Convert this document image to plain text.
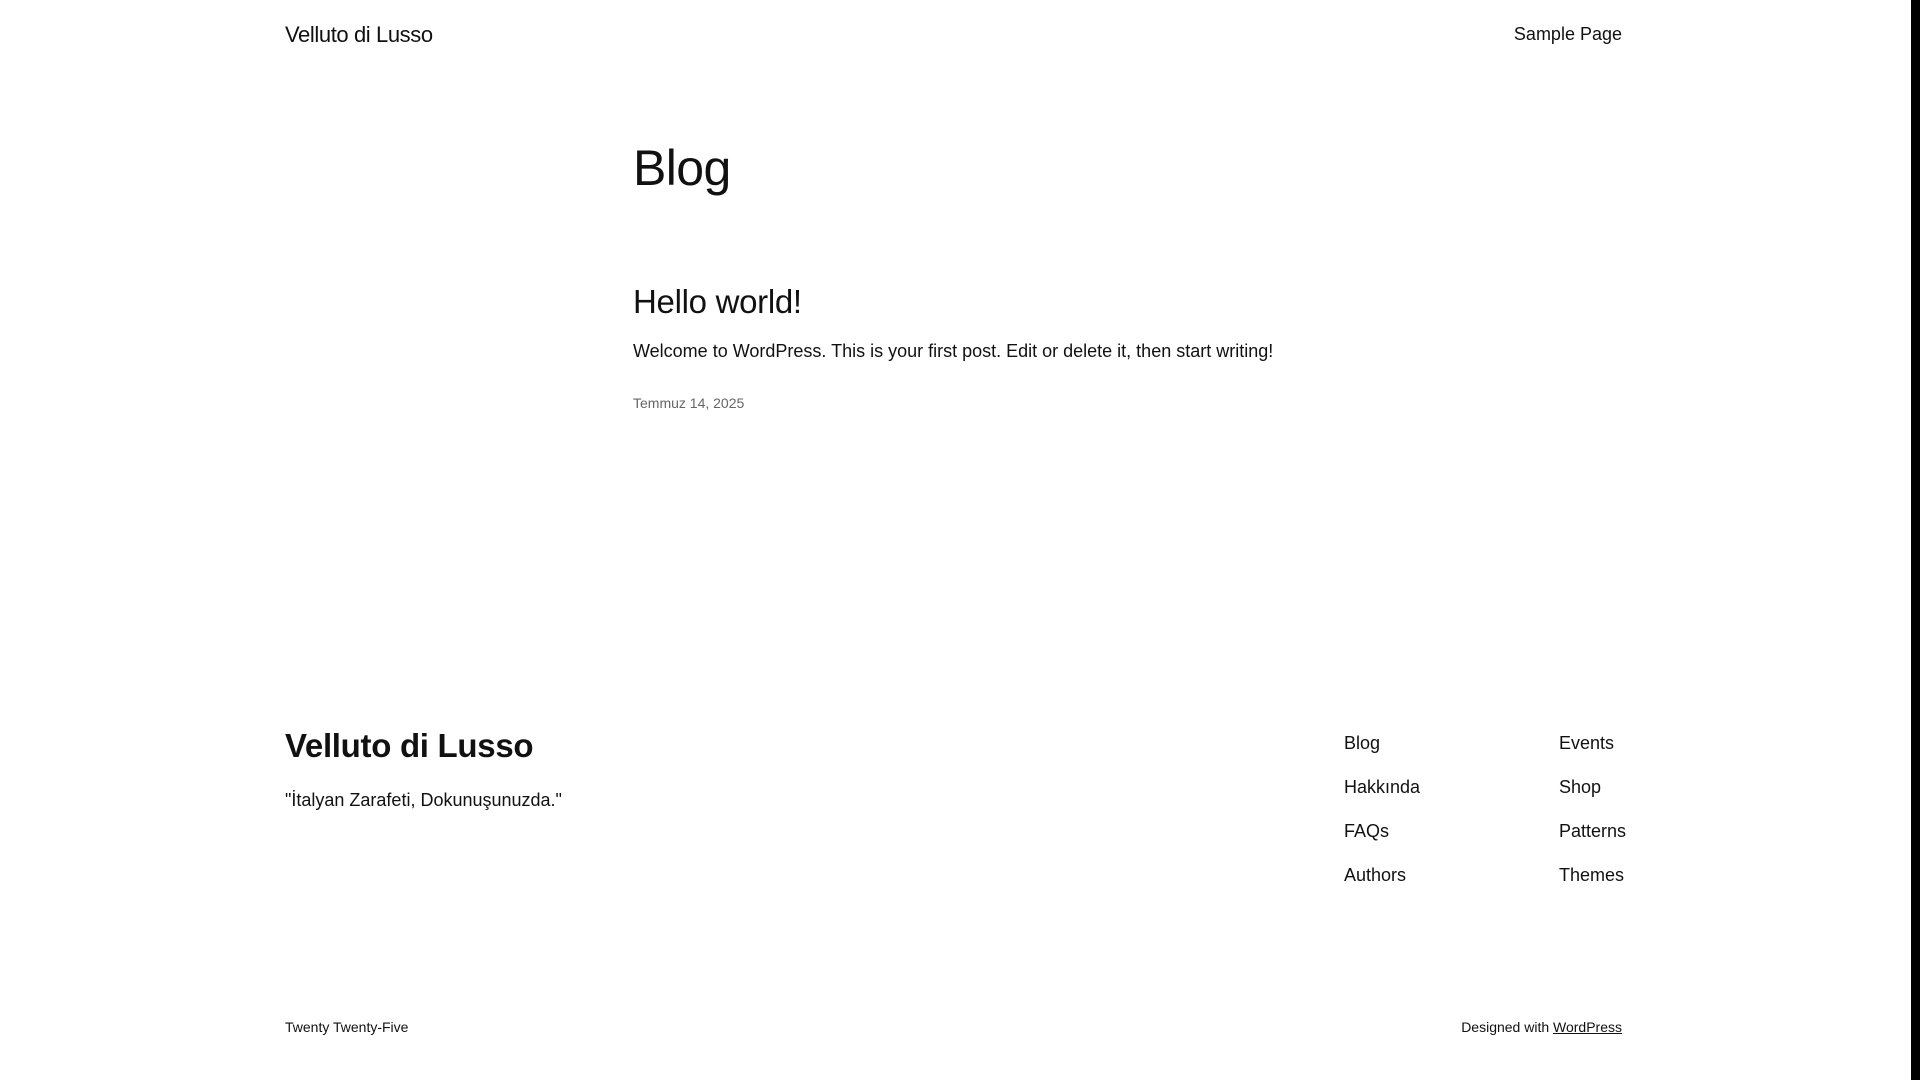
Velluto di Lusso	Sample Page
Blog
Hello world!

Welcome to WordPress. This is your first post. Edit or delete it, then start writing!

Temmuz 14, 2025
Velluto di Lusso

"İtalyan Zarafeti, Dokunuşunuzda."

Blog
Hakkında
FAQs
Authors
Events
Shop
Patterns
Themes
Twenty Twenty-Five	Designed with WordPress
